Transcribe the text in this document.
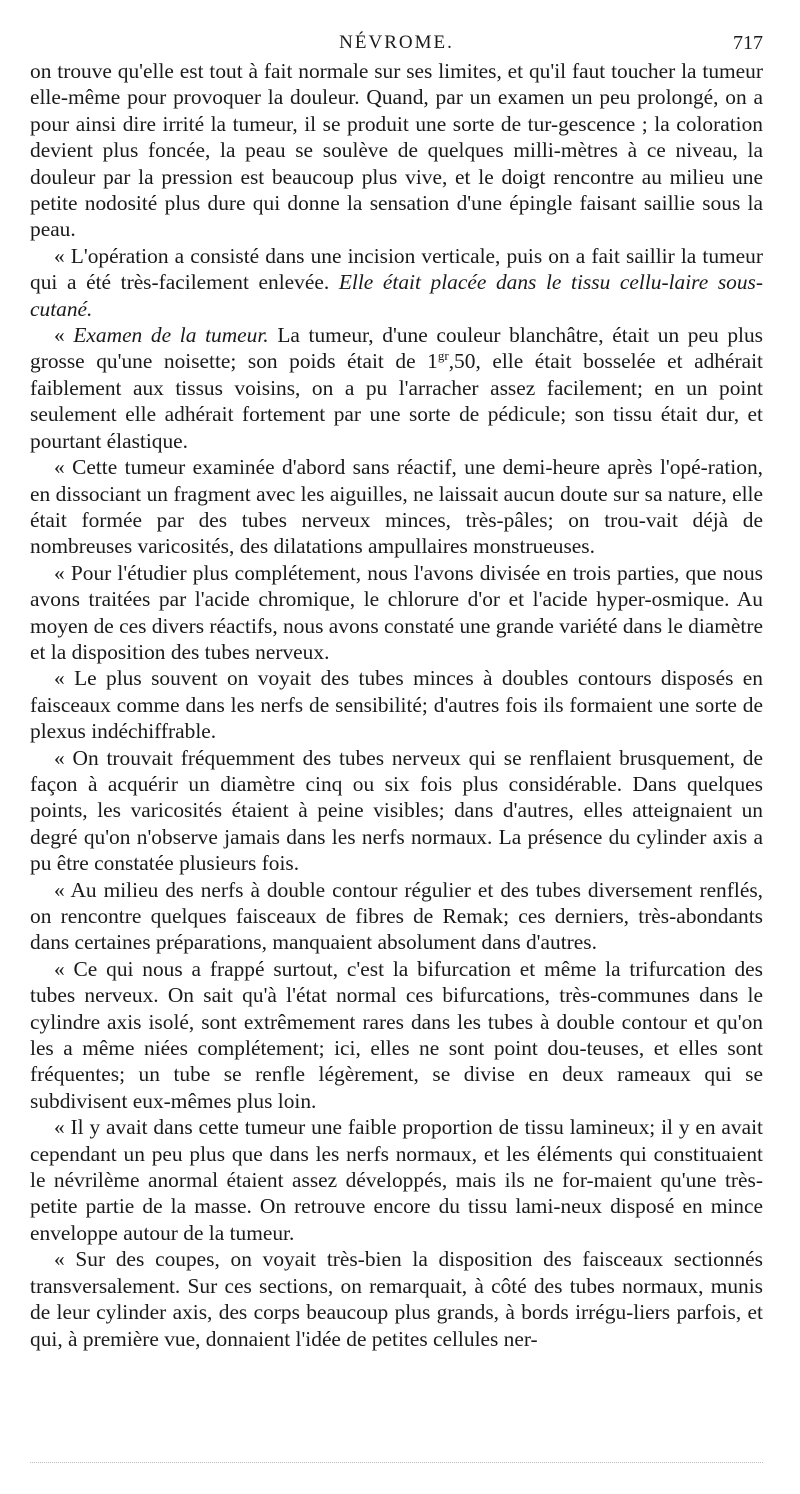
NÉVROME.	717

on trouve qu'elle est tout à fait normale sur ses limites, et qu'il faut toucher la tumeur elle-même pour provoquer la douleur. Quand, par un examen un peu prolongé, on a pour ainsi dire irrité la tumeur, il se produit une sorte de tur-gescence ; la coloration devient plus foncée, la peau se soulève de quelques milli-mètres à ce niveau, la douleur par la pression est beaucoup plus vive, et le doigt rencontre au milieu une petite nodosité plus dure qui donne la sensation d'une épingle faisant saillie sous la peau.

« L'opération a consisté dans une incision verticale, puis on a fait saillir la tumeur qui a été très-facilement enlevée. Elle était placée dans le tissu cellu-laire sous-cutané.

« Examen de la tumeur. La tumeur, d'une couleur blanchâtre, était un peu plus grosse qu'une noisette; son poids était de $1^{gr},50$, elle était bosselée et adhérait faiblement aux tissus voisins, on a pu l'arracher assez facilement; en un point seulement elle adhérait fortement par une sorte de pédicule; son tissu était dur, et pourtant élastique.

« Cette tumeur examinée d'abord sans réactif, une demi-heure après l'opé-ration, en dissociant un fragment avec les aiguilles, ne laissait aucun doute sur sa nature, elle était formée par des tubes nerveux minces, très-pâles; on trou-vait déjà de nombreuses varicosités, des dilatations ampullaires monstrueuses.

« Pour l'étudier plus complétement, nous l'avons divisée en trois parties, que nous avons traitées par l'acide chromique, le chlorure d'or et l'acide hyper-osmique. Au moyen de ces divers réactifs, nous avons constaté une grande variété dans le diamètre et la disposition des tubes nerveux.

« Le plus souvent on voyait des tubes minces à doubles contours disposés en faisceaux comme dans les nerfs de sensibilité; d'autres fois ils formaient une sorte de plexus indéchiffrable.

« On trouvait fréquemment des tubes nerveux qui se renflaient brusquement, de façon à acquérir un diamètre cinq ou six fois plus considérable. Dans quelques points, les varicosités étaient à peine visibles; dans d'autres, elles atteignaient un degré qu'on n'observe jamais dans les nerfs normaux. La présence du cylinder axis a pu être constatée plusieurs fois.

« Au milieu des nerfs à double contour régulier et des tubes diversement renflés, on rencontre quelques faisceaux de fibres de Remak; ces derniers, très-abondants dans certaines préparations, manquaient absolument dans d'autres.

« Ce qui nous a frappé surtout, c'est la bifurcation et même la trifurcation des tubes nerveux. On sait qu'à l'état normal ces bifurcations, très-communes dans le cylindre axis isolé, sont extrêmement rares dans les tubes à double contour et qu'on les a même niées complétement; ici, elles ne sont point dou-teuses, et elles sont fréquentes; un tube se renfle légèrement, se divise en deux rameaux qui se subdivisent eux-mêmes plus loin.

« Il y avait dans cette tumeur une faible proportion de tissu lamineux; il y en avait cependant un peu plus que dans les nerfs normaux, et les éléments qui constituaient le névrilème anormal étaient assez développés, mais ils ne for-maient qu'une très-petite partie de la masse. On retrouve encore du tissu lami-neux disposé en mince enveloppe autour de la tumeur.

« Sur des coupes, on voyait très-bien la disposition des faisceaux sectionnés transversalement. Sur ces sections, on remarquait, à côté des tubes normaux, munis de leur cylinder axis, des corps beaucoup plus grands, à bords irrégu-liers parfois, et qui, à première vue, donnaient l'idée de petites cellules ner-
